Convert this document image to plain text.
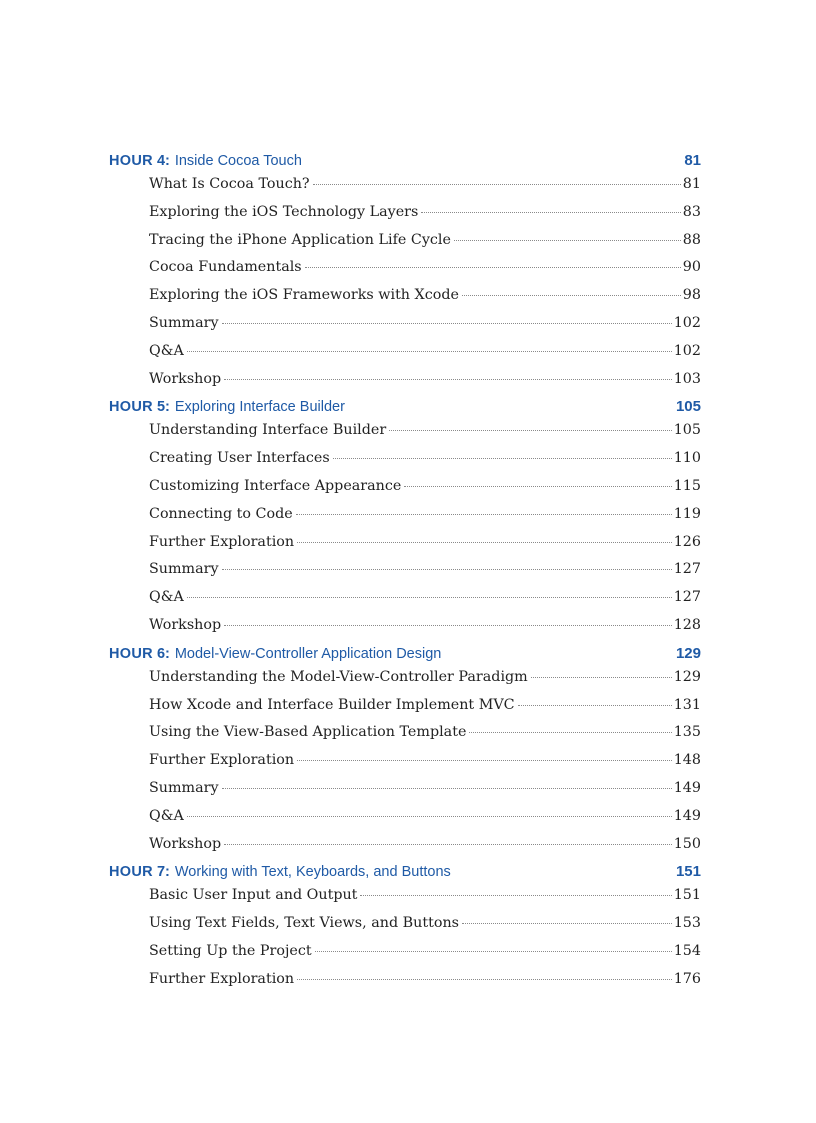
HOUR 4: Inside Cocoa Touch	81
What Is Cocoa Touch?	81
Exploring the iOS Technology Layers	83
Tracing the iPhone Application Life Cycle	88
Cocoa Fundamentals	90
Exploring the iOS Frameworks with Xcode	98
Summary	102
Q&A	102
Workshop	103
HOUR 5: Exploring Interface Builder	105
Understanding Interface Builder	105
Creating User Interfaces	110
Customizing Interface Appearance	115
Connecting to Code	119
Further Exploration	126
Summary	127
Q&A	127
Workshop	128
HOUR 6: Model-View-Controller Application Design	129
Understanding the Model-View-Controller Paradigm	129
How Xcode and Interface Builder Implement MVC	131
Using the View-Based Application Template	135
Further Exploration	148
Summary	149
Q&A	149
Workshop	150
HOUR 7: Working with Text, Keyboards, and Buttons	151
Basic User Input and Output	151
Using Text Fields, Text Views, and Buttons	153
Setting Up the Project	154
Further Exploration	176
